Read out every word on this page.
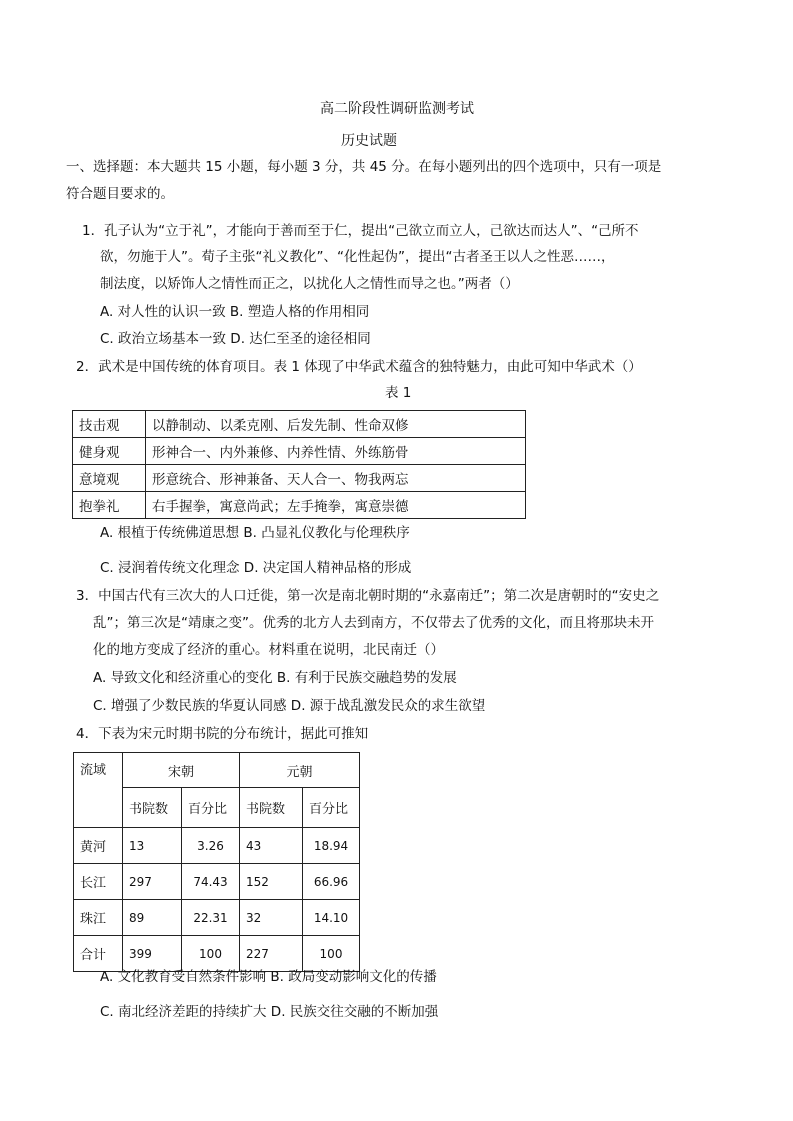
高二阶段性调研监测考试
历史试题
一、选择题：本大题共 15 小题，每小题 3 分，共 45 分。在每小题列出的四个选项中，只有一项是
符合题目要求的。
1．孔子认为“立于礼”，才能向于善而至于仁，提出“己欲立而立人，己欲达而达人”、“己所不
欲，勿施于人”。荀子主张“礼义教化”、“化性起伪”，提出“古者圣王以人之性恶……，
制法度，以矫饰人之情性而正之，以扰化人之情性而导之也。”两者（）
A. 对人性的认识一致 B. 塑造人格的作用相同
C. 政治立场基本一致 D. 达仁至圣的途径相同
2．武术是中国传统的体育项目。表 1 体现了中华武术蕴含的独特魅力，由此可知中华武术（）
表 1
技击观	以静制动、以柔克刚、后发先制、性命双修
健身观	形神合一、内外兼修、内养性情、外练筋骨
意境观	形意统合、形神兼备、天人合一、物我两忘
抱拳礼	右手握拳，寓意尚武；左手掩拳，寓意崇德
A. 根植于传统佛道思想 B. 凸显礼仪教化与伦理秩序
C. 浸润着传统文化理念 D. 决定国人精神品格的形成
3．中国古代有三次大的人口迁徙，第一次是南北朝时期的“永嘉南迁”；第二次是唐朝时的“安史之
乱”；第三次是“靖康之变”。优秀的北方人去到南方，不仅带去了优秀的文化，而且将那块未开
化的地方变成了经济的重心。材料重在说明，北民南迁（）
A. 导致文化和经济重心的变化 B. 有利于民族交融趋势的发展
C. 增强了少数民族的华夏认同感 D. 源于战乱激发民众的求生欲望
4．下表为宋元时期书院的分布统计，据此可推知
流域	宋朝		元朝	
	书院数	百分比	书院数	百分比
黄河	13	3.26	43	18.94
长江	297	74.43	152	66.96
珠江	89	22.31	32	14.10
合计	399	100	227	100
A. 文化教育受自然条件影响 B. 政局变动影响文化的传播
C. 南北经济差距的持续扩大 D. 民族交往交融的不断加强
